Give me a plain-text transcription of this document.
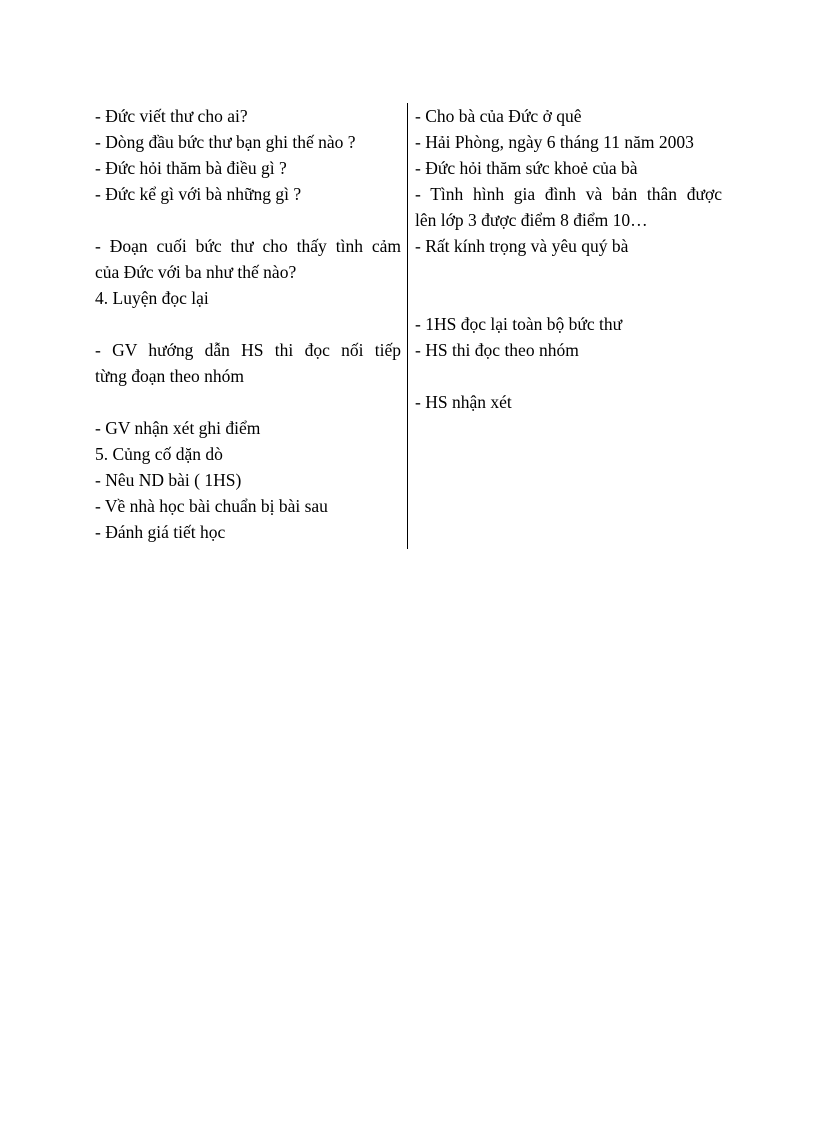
- Đức viết thư cho ai?
- Dòng đầu bức thư bạn ghi thế nào ?
- Đức hỏi thăm bà điều gì ?
- Đức kể gì với bà những gì ?
- Đoạn cuối bức thư cho thấy tình cảm
của Đức với ba như thế nào?
4. Luyện đọc lại
- GV hướng dẫn HS thi đọc nối tiếp
từng đoạn theo nhóm
- GV nhận xét ghi điểm
5. Củng cố dặn dò
- Nêu ND bài ( 1HS)
- Về nhà học bài chuẩn bị bài sau
- Đánh giá tiết học
- Cho bà của Đức ở quê
- Hải Phòng, ngày 6 tháng 11 năm 2003
- Đức hỏi thăm sức khoẻ của bà
- Tình hình gia đình và bản thân được
lên lớp 3 được điểm 8 điểm 10…
- Rất kính trọng và yêu quý bà
- 1HS đọc lại toàn bộ bức thư
- HS thi đọc theo nhóm
- HS nhận xét
